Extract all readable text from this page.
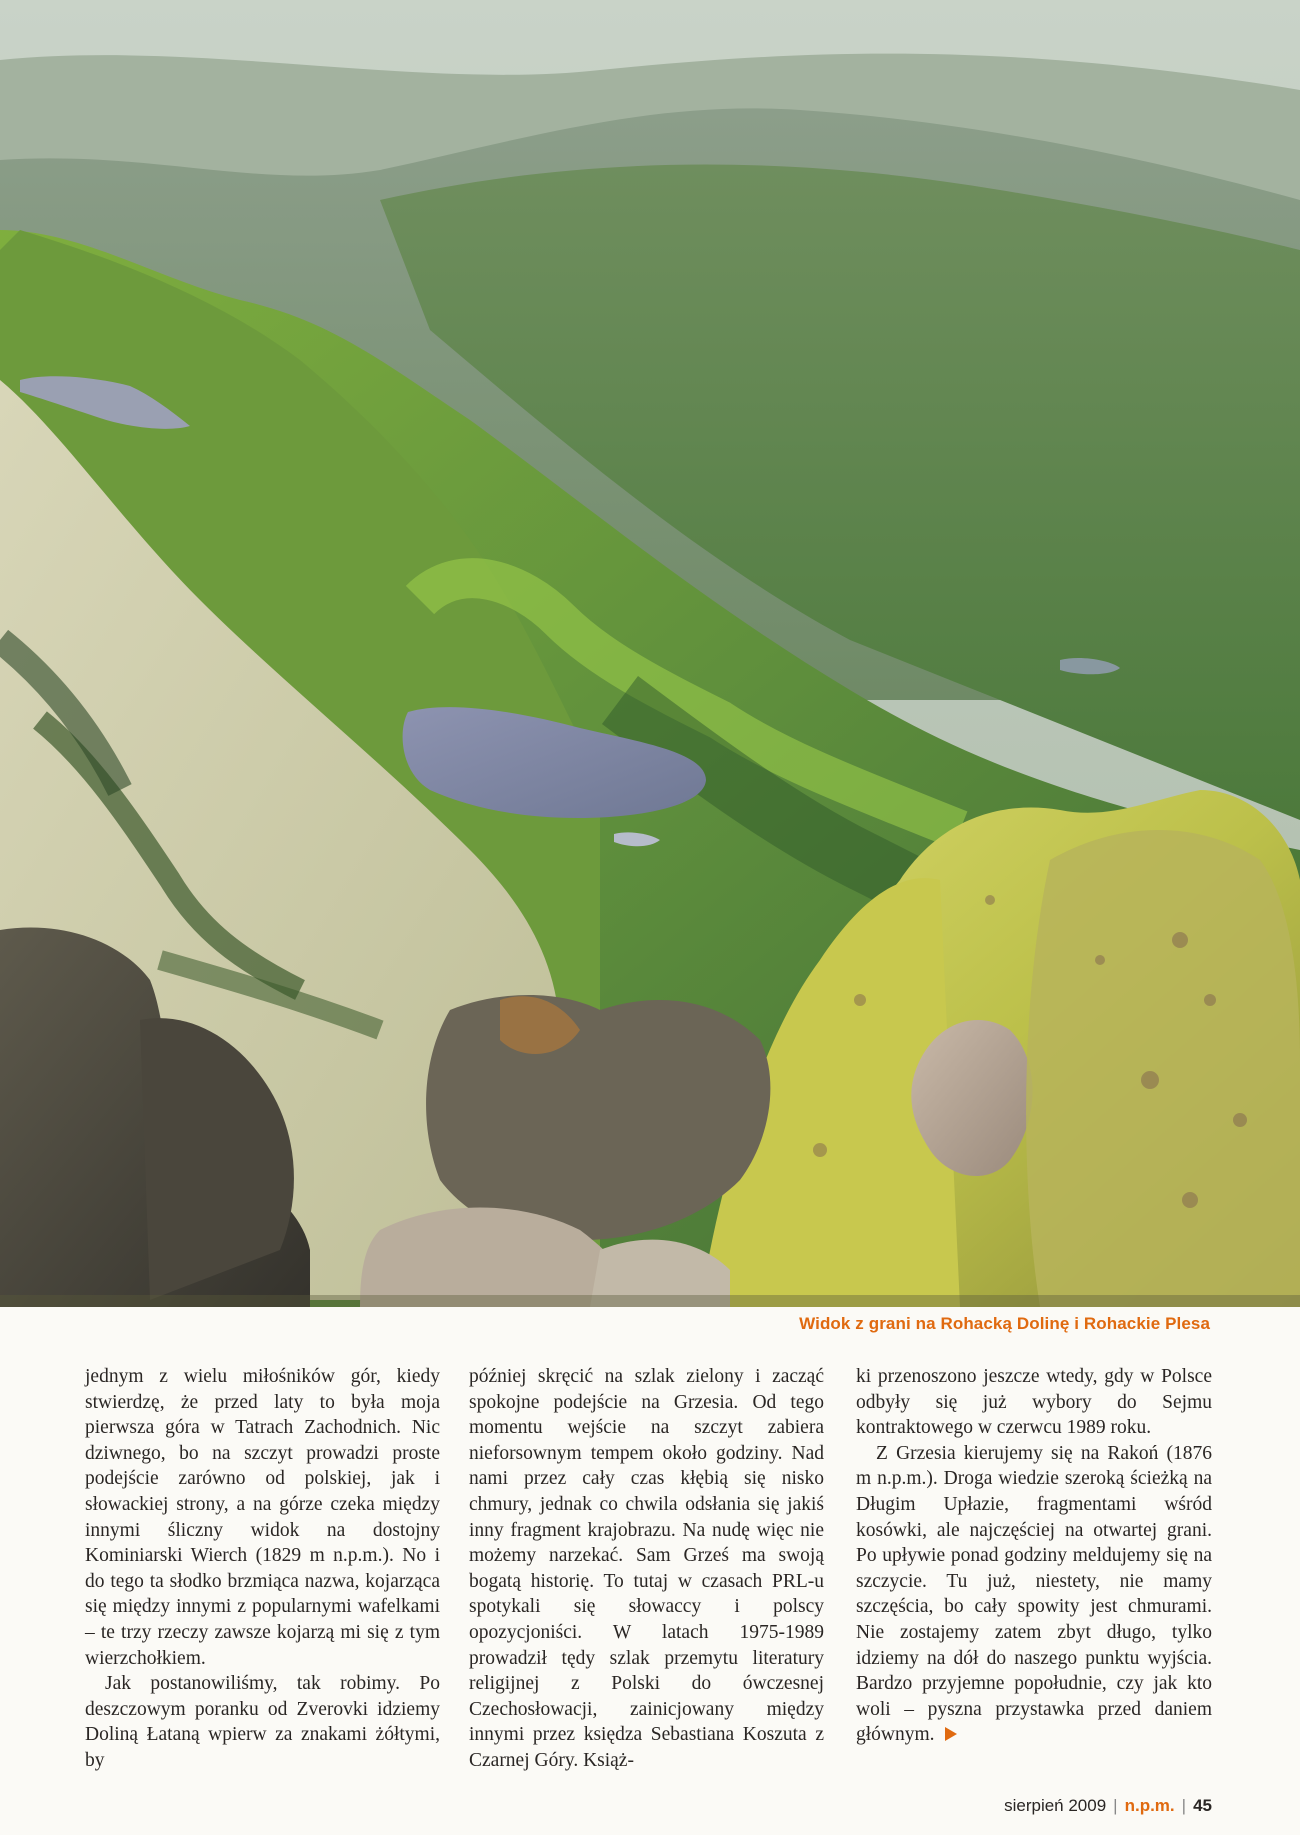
Widok z grani na Rohacką Dolinę i Rohackie Plesa

jednym z wielu miłośników gór, kiedy stwierdzę, że przed laty to była moja pierwsza góra w Tatrach Zachodnich. Nic dziwnego, bo na szczyt prowadzi proste podejście zarówno od polskiej, jak i słowackiej strony, a na górze czeka między innymi śliczny widok na dostojny Kominiarski Wierch (1829 m n.p.m.). No i do tego ta słodko brzmiąca nazwa, kojarząca się między innymi z popularnymi wafelkami – te trzy rzeczy zawsze kojarzą mi się z tym wierzchołkiem.

Jak postanowiliśmy, tak robimy. Po deszczowym poranku od Zverovki idziemy Doliną Łataną wpierw za znakami żółtymi, by

później skręcić na szlak zielony i zacząć spokojne podejście na Grzesia. Od tego momentu wejście na szczyt zabiera nieforsownym tempem około godziny. Nad nami przez cały czas kłębią się nisko chmury, jednak co chwila odsłania się jakiś inny fragment krajobrazu. Na nudę więc nie możemy narzekać. Sam Grześ ma swoją bogatą historię. To tutaj w czasach PRL-u spotykali się słowaccy i polscy opozycjoniści. W latach 1975-1989 prowadził tędy szlak przemytu literatury religijnej z Polski do ówczesnej Czechosłowacji, zainicjowany między innymi przez księdza Sebastiana Koszuta z Czarnej Góry. Książ-

ki przenoszono jeszcze wtedy, gdy w Polsce odbyły się już wybory do Sejmu kontraktowego w czerwcu 1989 roku.

Z Grzesia kierujemy się na Rakoń (1876 m n.p.m.). Droga wiedzie szeroką ścieżką na Długim Upłazie, fragmentami wśród kosówki, ale najczęściej na otwartej grani. Po upływie ponad godziny meldujemy się na szczycie. Tu już, niestety, nie mamy szczęścia, bo cały spowity jest chmurami. Nie zostajemy zatem zbyt długo, tylko idziemy na dół do naszego punktu wyjścia. Bardzo przyjemne popołudnie, czy jak kto woli – pyszna przystawka przed daniem głównym.

sierpień 2009 | n.p.m. | 45
